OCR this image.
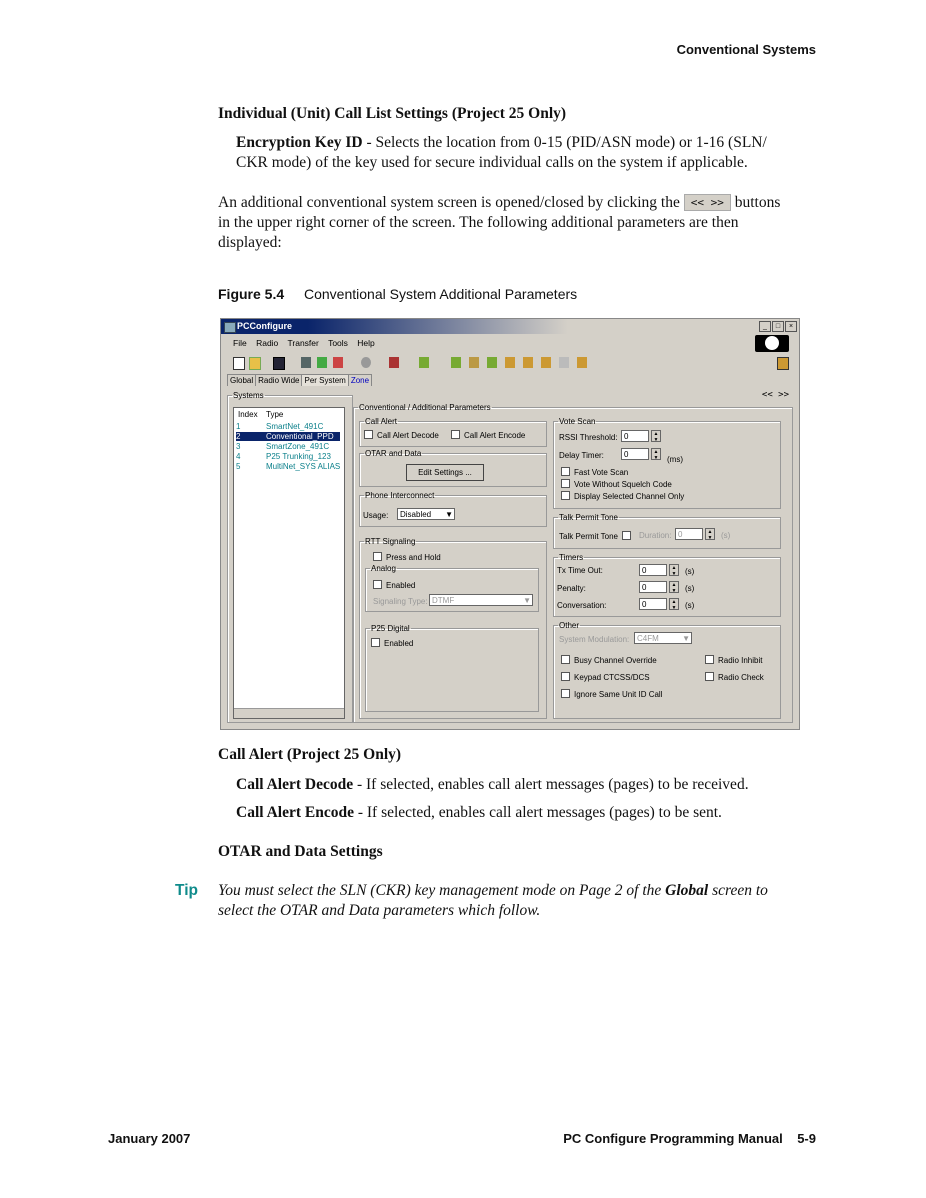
Conventional Systems
Individual (Unit) Call List Settings (Project 25 Only)
Encryption Key ID - Selects the location from 0-15 (PID/ASN mode) or 1-16 (SLN/
CKR mode) of the key used for secure individual calls on the system if applicable.
An additional conventional system screen is opened/closed by clicking the << >> buttons
in the upper right corner of the screen. The following additional parameters are then
displayed:
Figure 5.4 Conventional System Additional Parameters
PCConfigure	_ □ ×
File Radio Transfer Tools Help
Global Radio Wide Per System Zone
<< >>
Systems
Index Type
1	SmartNet_491C
2	Conventional_PPD
3	SmartZone_491C
4	P25 Trunking_123
5	MultiNet_SYS ALIAS
Conventional / Additional Parameters
Call Alert
Call Alert Decode	Call Alert Encode
OTAR and Data
Edit Settings ...
Phone Interconnect
Usage:	Disabled ▼
RTT Signaling
Press and Hold
Analog
Enabled
Signaling Type: DTMF	▼
P25 Digital
Enabled
Vote Scan
RSSI Threshold: 0	▲
▼
Delay Timer:	0	▲
▼	(ms)
Fast Vote Scan
Vote Without Squelch Code
Display Selected Channel Only
Talk Permit Tone
Talk Permit Tone	Duration: 0	▲
▼	(s)
Timers
Tx Time Out:	0	▲
▼	(s)
Penalty:	0	▲
▼	(s)
Conversation:	0	▲
▼	(s)
Other
System Modulation: C4FM	▼
Busy Channel Override
Keypad CTCSS/DCS
Ignore Same Unit ID Call
Radio Inhibit
Radio Check
Call Alert (Project 25 Only)
Call Alert Decode - If selected, enables call alert messages (pages) to be received.
Call Alert Encode - If selected, enables call alert messages (pages) to be sent.
OTAR and Data Settings
Tip You must select the SLN (CKR) key management mode on Page 2 of the Global screen to
select the OTAR and Data parameters which follow.
January 2007	PC Configure Programming Manual    5-9
